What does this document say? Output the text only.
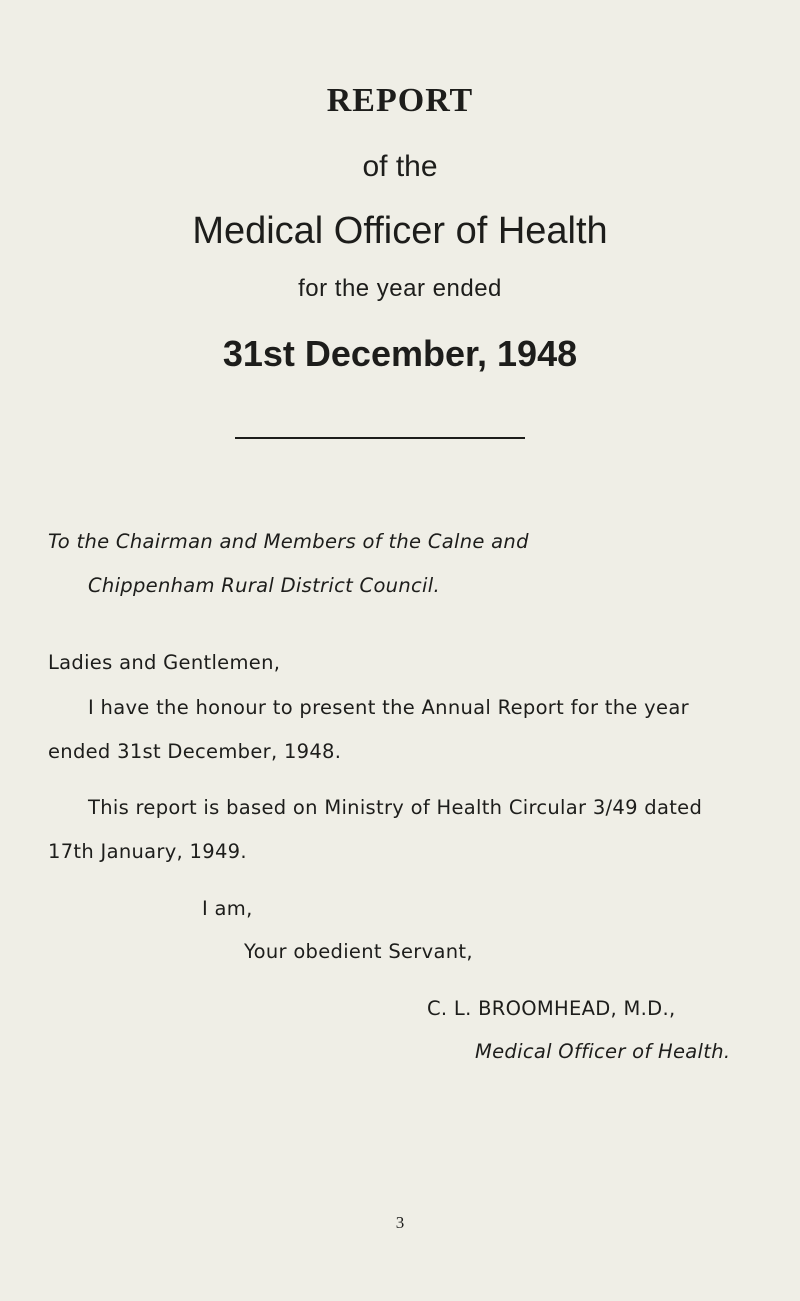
REPORT
of the
Medical Officer of Health
for the year ended
31st December, 1948
To the Chairman and Members of the Calne and
Chippenham Rural District Council.
Ladies and Gentlemen,
I have the honour to present the Annual Report for the year
ended 31st December, 1948.
This report is based on Ministry of Health Circular 3/49 dated
17th January, 1949.
I am,
Your obedient Servant,
C. L. BROOMHEAD, M.D.,
Medical Officer of Health.
3
